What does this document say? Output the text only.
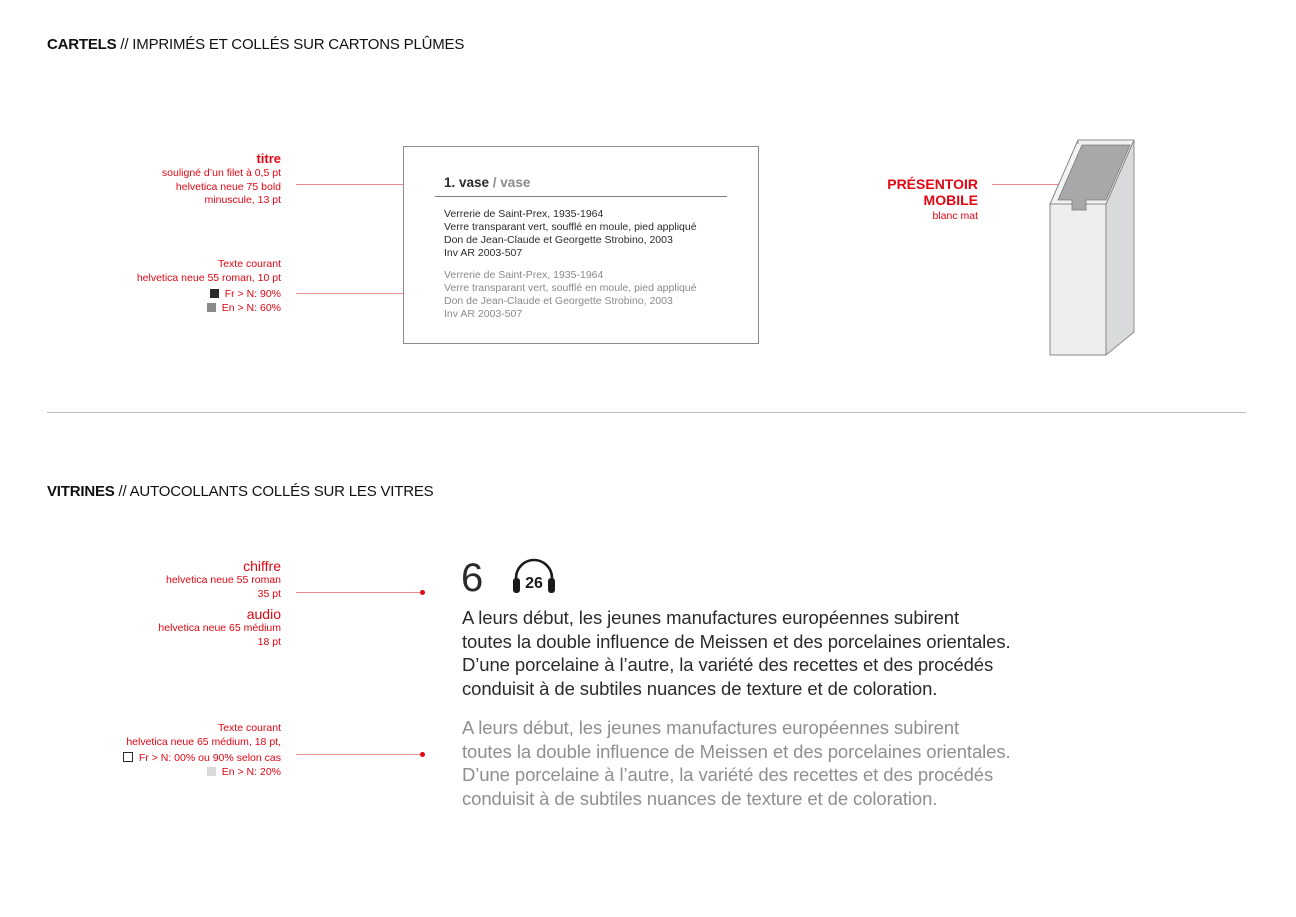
CARTELS // IMPRIMÉS ET COLLÉS SUR CARTONS PLÛMES
titre
souligné d’un filet à 0,5 pt
helvetica neue 75 bold
minuscule, 13 pt
Texte courant
helvetica neue 55 roman, 10 pt
Fr > N: 90%
En > N: 60%
1. vase / vase
Verrerie de Saint-Prex, 1935-1964
Verre transparant vert, soufflé en moule, pied appliqué
Don de Jean-Claude et Georgette Strobino, 2003
Inv AR 2003-507
Verrerie de Saint-Prex, 1935-1964
Verre transparant vert, soufflé en moule, pied appliqué
Don de Jean-Claude et Georgette Strobino, 2003
Inv AR 2003-507
PRÉSENTOIR
MOBILE
blanc mat
VITRINES // AUTOCOLLANTS COLLÉS SUR LES VITRES
chiffre
helvetica neue 55 roman
35 pt
audio
helvetica neue 65 médium
18 pt
Texte courant
helvetica neue 65 médium, 18 pt,
Fr > N: 00% ou 90% selon cas
En > N: 20%
6	26
A leurs début, les jeunes manufactures européennes subirent
toutes la double influence de Meissen et des porcelaines orientales.
D’une porcelaine à l’autre, la variété des recettes et des procédés
conduisit à de subtiles nuances de texture et de coloration.
A leurs début, les jeunes manufactures européennes subirent
toutes la double influence de Meissen et des porcelaines orientales.
D’une porcelaine à l’autre, la variété des recettes et des procédés
conduisit à de subtiles nuances de texture et de coloration.
